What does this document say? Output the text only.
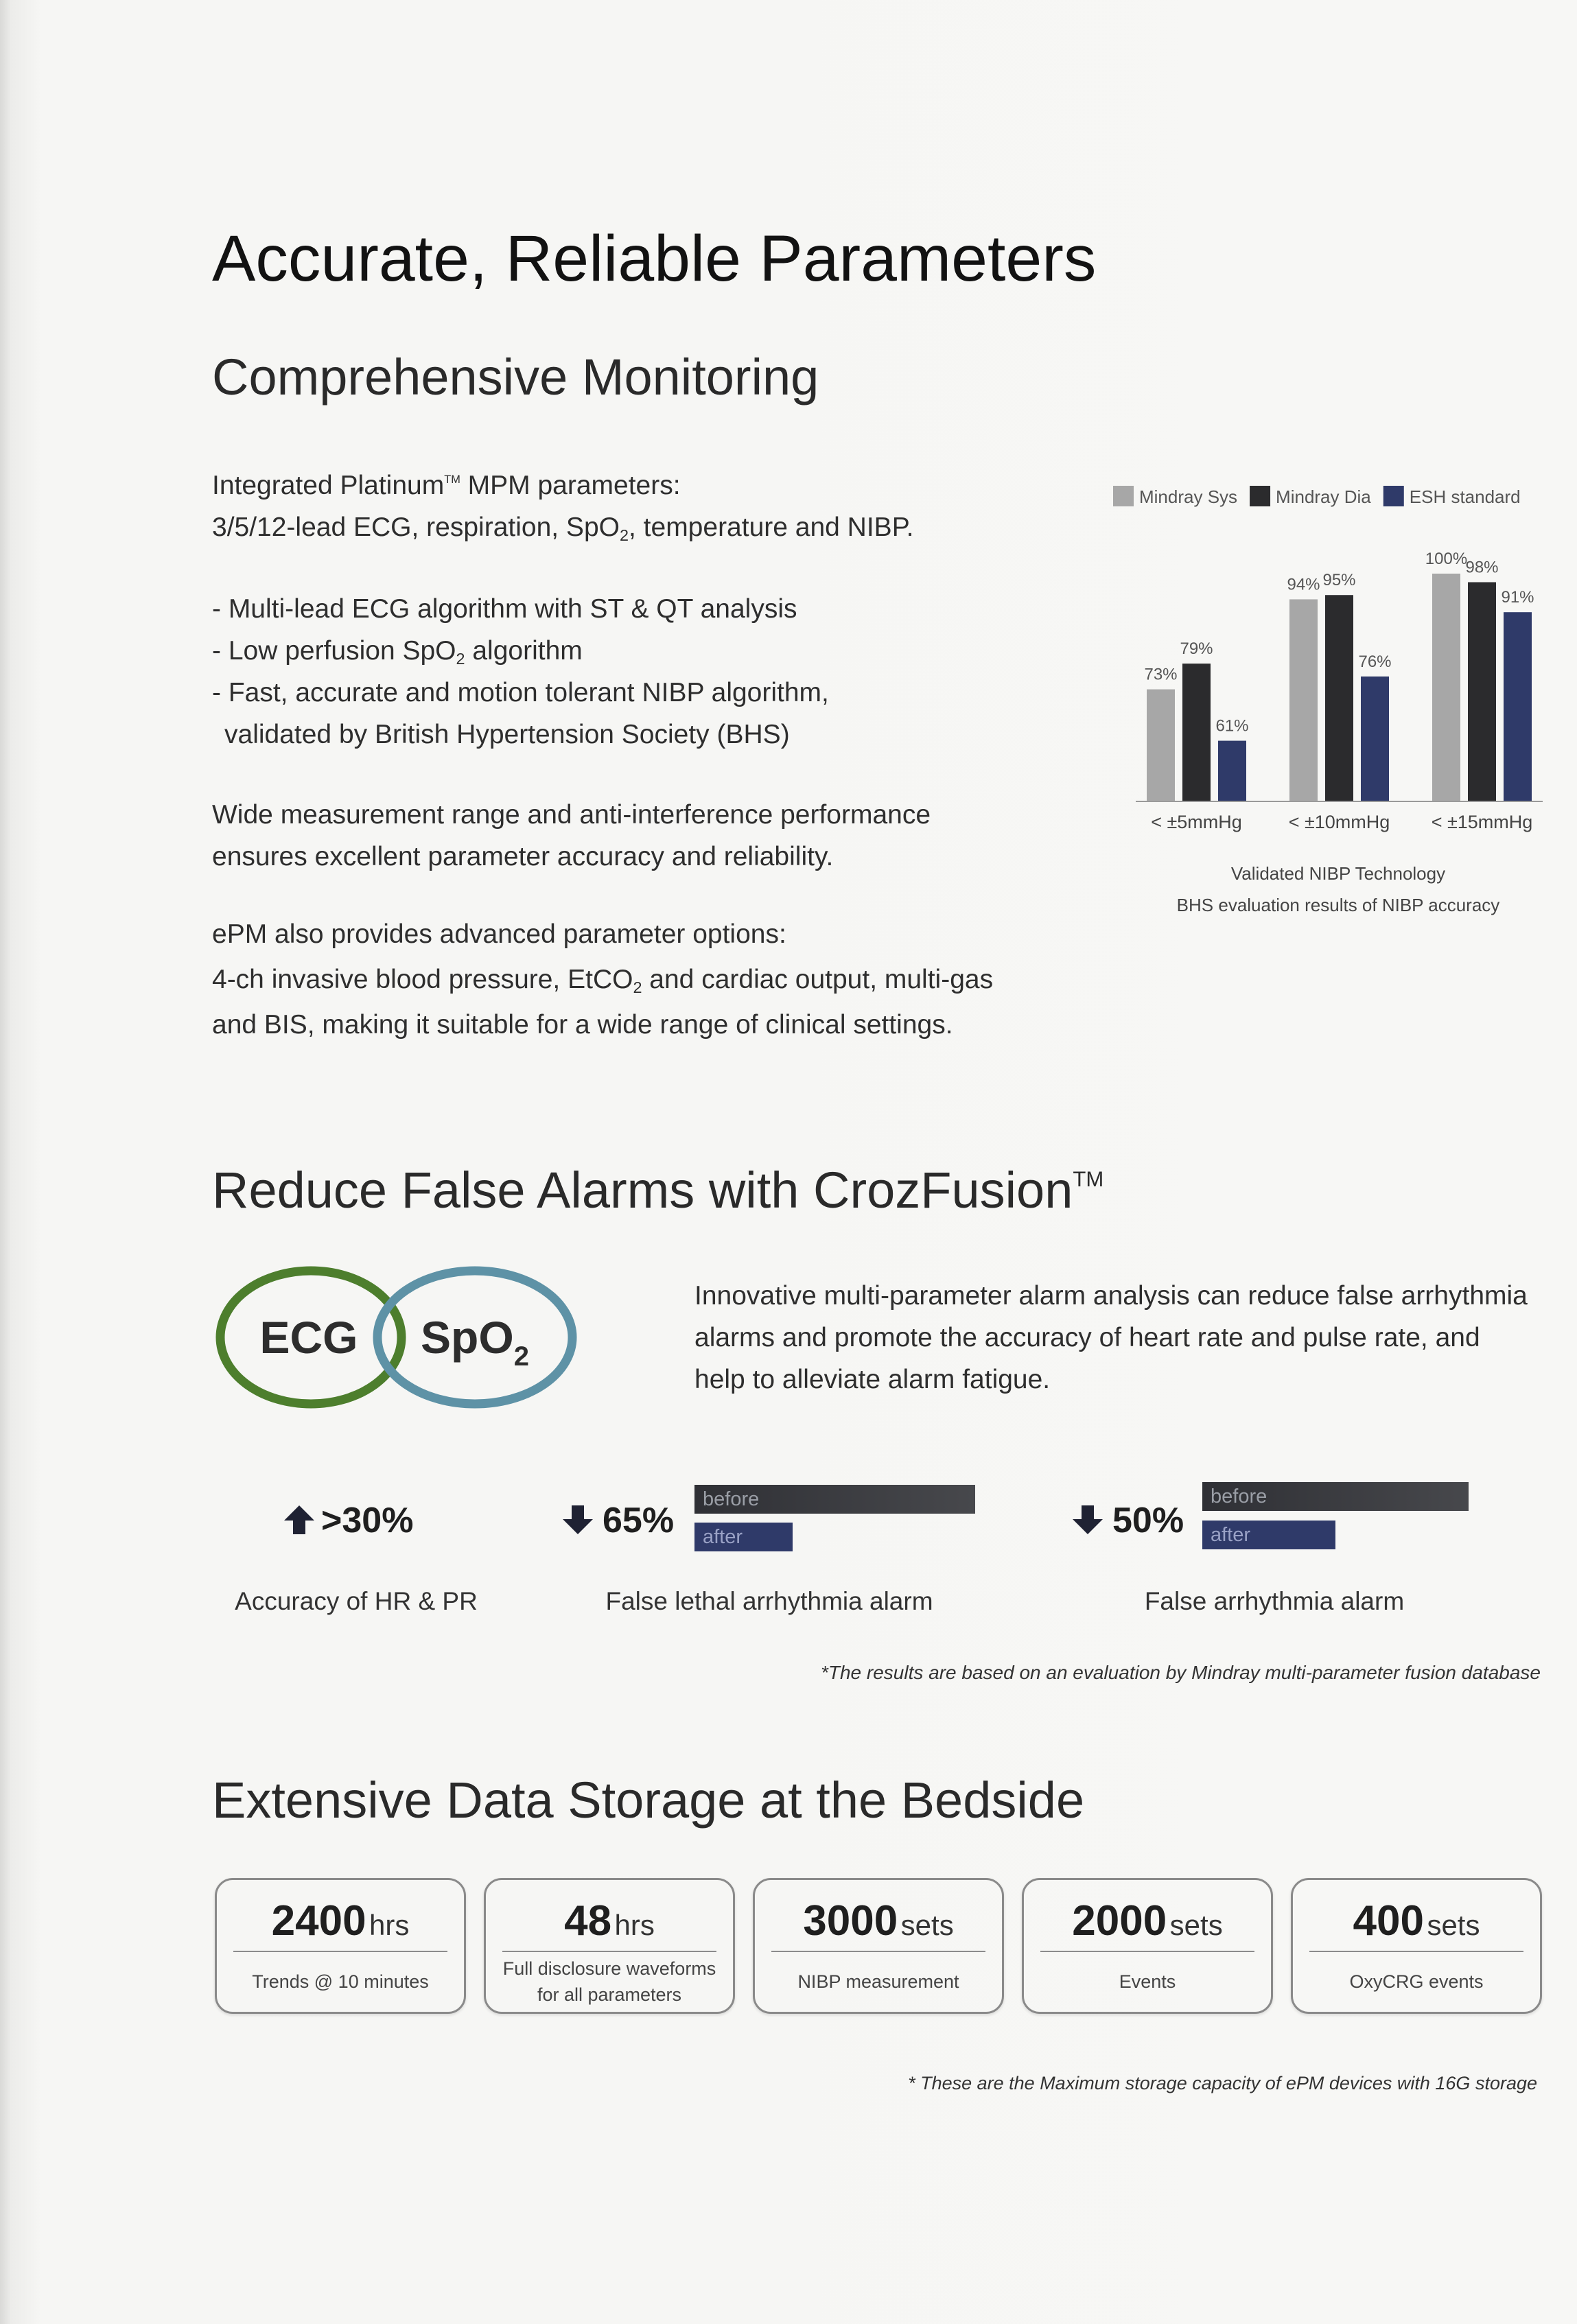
Accurate, Reliable Parameters
Comprehensive Monitoring
Integrated Platinum™ MPM parameters:
3/5/12-lead ECG, respiration, SpO$_2$, temperature and NIBP.
- Multi-lead ECG algorithm with ST & QT analysis
- Low perfusion SpO$_2$ algorithm
- Fast, accurate and motion tolerant NIBP algorithm,
validated by British Hypertension Society (BHS)
Wide measurement range and anti-interference performance
ensures excellent parameter accuracy and reliability.
ePM also provides advanced parameter options:
4-ch invasive blood pressure, EtCO$_2$ and cardiac output, multi-gas
and BIS, making it suitable for a wide range of clinical settings.
Mindray Sys Mindray Dia ESH standard
73%
79%
61%
94% 95%
76%
100%
98%
91%
< ±5mmHg	< ±10mmHg < ±15mmHg
Validated NIBP Technology
BHS evaluation results of NIBP accuracy
Reduce False Alarms with CrozFusion™
ECG SpO$_2$
Innovative multi-parameter alarm analysis can reduce false arrhythmia
alarms and promote the accuracy of heart rate and pulse rate, and
help to alleviate alarm fatigue.
>30%
Accuracy of HR & PR
65%
before
after
False lethal arrhythmia alarm
50%
before
after
False arrhythmia alarm
*The results are based on an evaluation by Mindray multi-parameter fusion database
Extensive Data Storage at the Bedside
2400 hrs
Trends @ 10 minutes
48 hrs
Full disclosure waveforms
for all parameters
3000 sets
NIBP measurement
2000 sets
Events
400 sets
OxyCRG events
* These are the Maximum storage capacity of ePM devices with 16G storage
